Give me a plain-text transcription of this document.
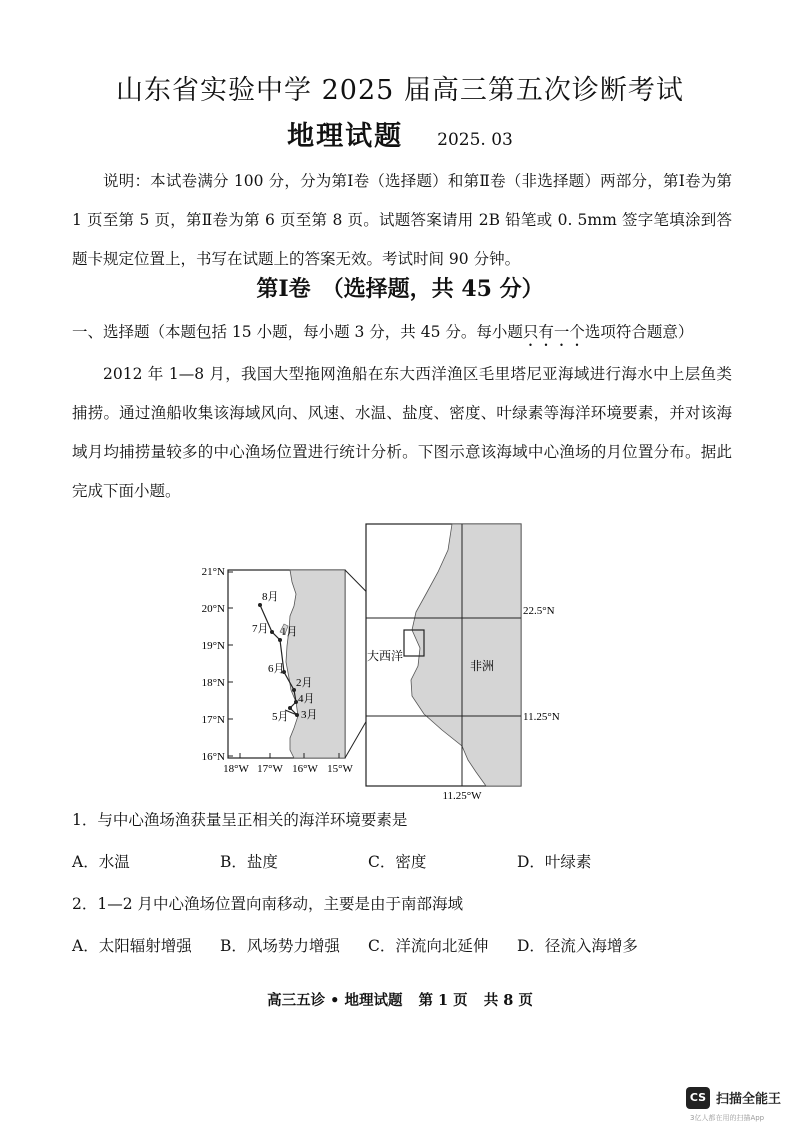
山东省实验中学 2025 届高三第五次诊断考试
地理试题 2025. 03
说明：本试卷满分 100 分，分为第Ⅰ卷（选择题）和第Ⅱ卷（非选择题）两部分，第Ⅰ卷为第 1 页至第 5 页，第Ⅱ卷为第 6 页至第 8 页。试题答案请用 2B 铅笔或 0. 5mm 签字笔填涂到答题卡规定位置上，书写在试题上的答案无效。考试时间 90 分钟。
第Ⅰ卷　（选择题，共 45 分）
一、选择题（本题包括 15 小题，每小题 3 分，共 45 分。每小题只有一个选项符合题意）
2012 年 1—8 月，我国大型拖网渔船在东大西洋渔区毛里塔尼亚海域进行海水中上层鱼类捕捞。通过渔船收集该海域风向、风速、水温、盐度、密度、叶绿素等海洋环境要素，并对该海域月均捕捞量较多的中心渔场位置进行统计分析。下图示意该海域中心渔场的月位置分布。据此完成下面小题。
21°N
20°N
19°N
18°N
17°N
16°N
18°W 17°W 16°W 15°W
8月
7月 1月
6月
2月
4月
5月 3月
22.5°N
11.25°N
11.25°W
大西洋
非洲
1．与中心渔场渔获量呈正相关的海洋环境要素是
A．水温	B．盐度	C．密度	D．叶绿素
2．1—2 月中心渔场位置向南移动，主要是由于南部海域
A．太阳辐射增强 B．风场势力增强 C．洋流向北延伸 D．径流入海增多
高三五诊 • 地理试题 第 1 页 共 8 页
CS 扫描全能王
3亿人都在用的扫描App
